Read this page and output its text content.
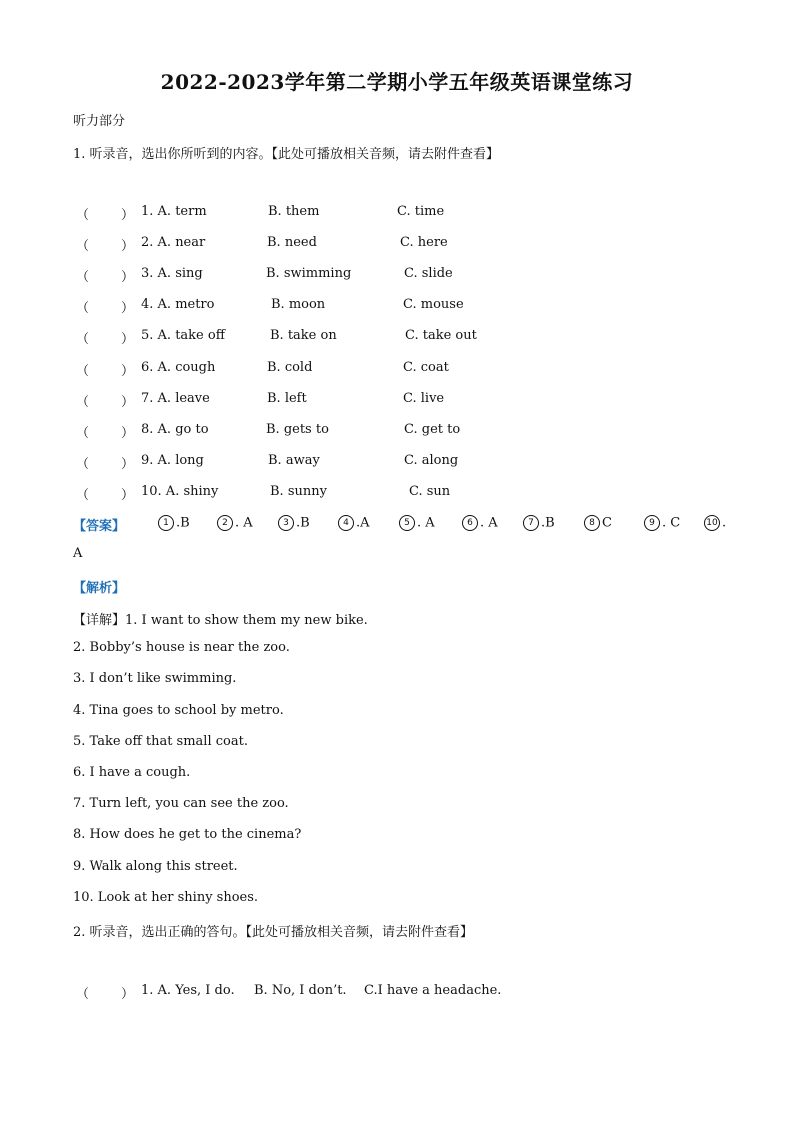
2022-2023学年第二学期小学五年级英语课堂练习
听力部分
1. 听录音，选出你所听到的内容。【此处可播放相关音频，请去附件查看】
（ ） 1. A. term	B. them	C. time
（ ） 2. A. near	B. need	C. here
（ ） 3. A. sing	B. swimming	C. slide
（ ） 4. A. metro	B. moon	C. mouse
（ ） 5. A. take off	B. take on	C. take out
（ ） 6. A. cough	B. cold	C. coat
（ ） 7. A. leave	B. left	C. live
（ ） 8. A. go to	B. gets to	C. get to
（ ） 9. A. long	B. away	C. along
（ ） 10. A. shiny	B. sunny	C. sun
【答案】	1 .B	2 . A	3 .B	4 .A	5 . A	6 . A	7 .B	8 C	9 . C	10 .
A
【解析】
【详解】1. I want to show them my new bike.
2. Bobby’s house is near the zoo.
3. I don’t like swimming.
4. Tina goes to school by metro.
5. Take off that small coat.
6. I have a cough.
7. Turn left, you can see the zoo.
8. How does he get to the cinema?
9. Walk along this street.
10. Look at her shiny shoes.
2. 听录音，选出正确的答句。【此处可播放相关音频，请去附件查看】
（ ） 1. A. Yes, I do. B. No, I don’t. C.I have a headache.
